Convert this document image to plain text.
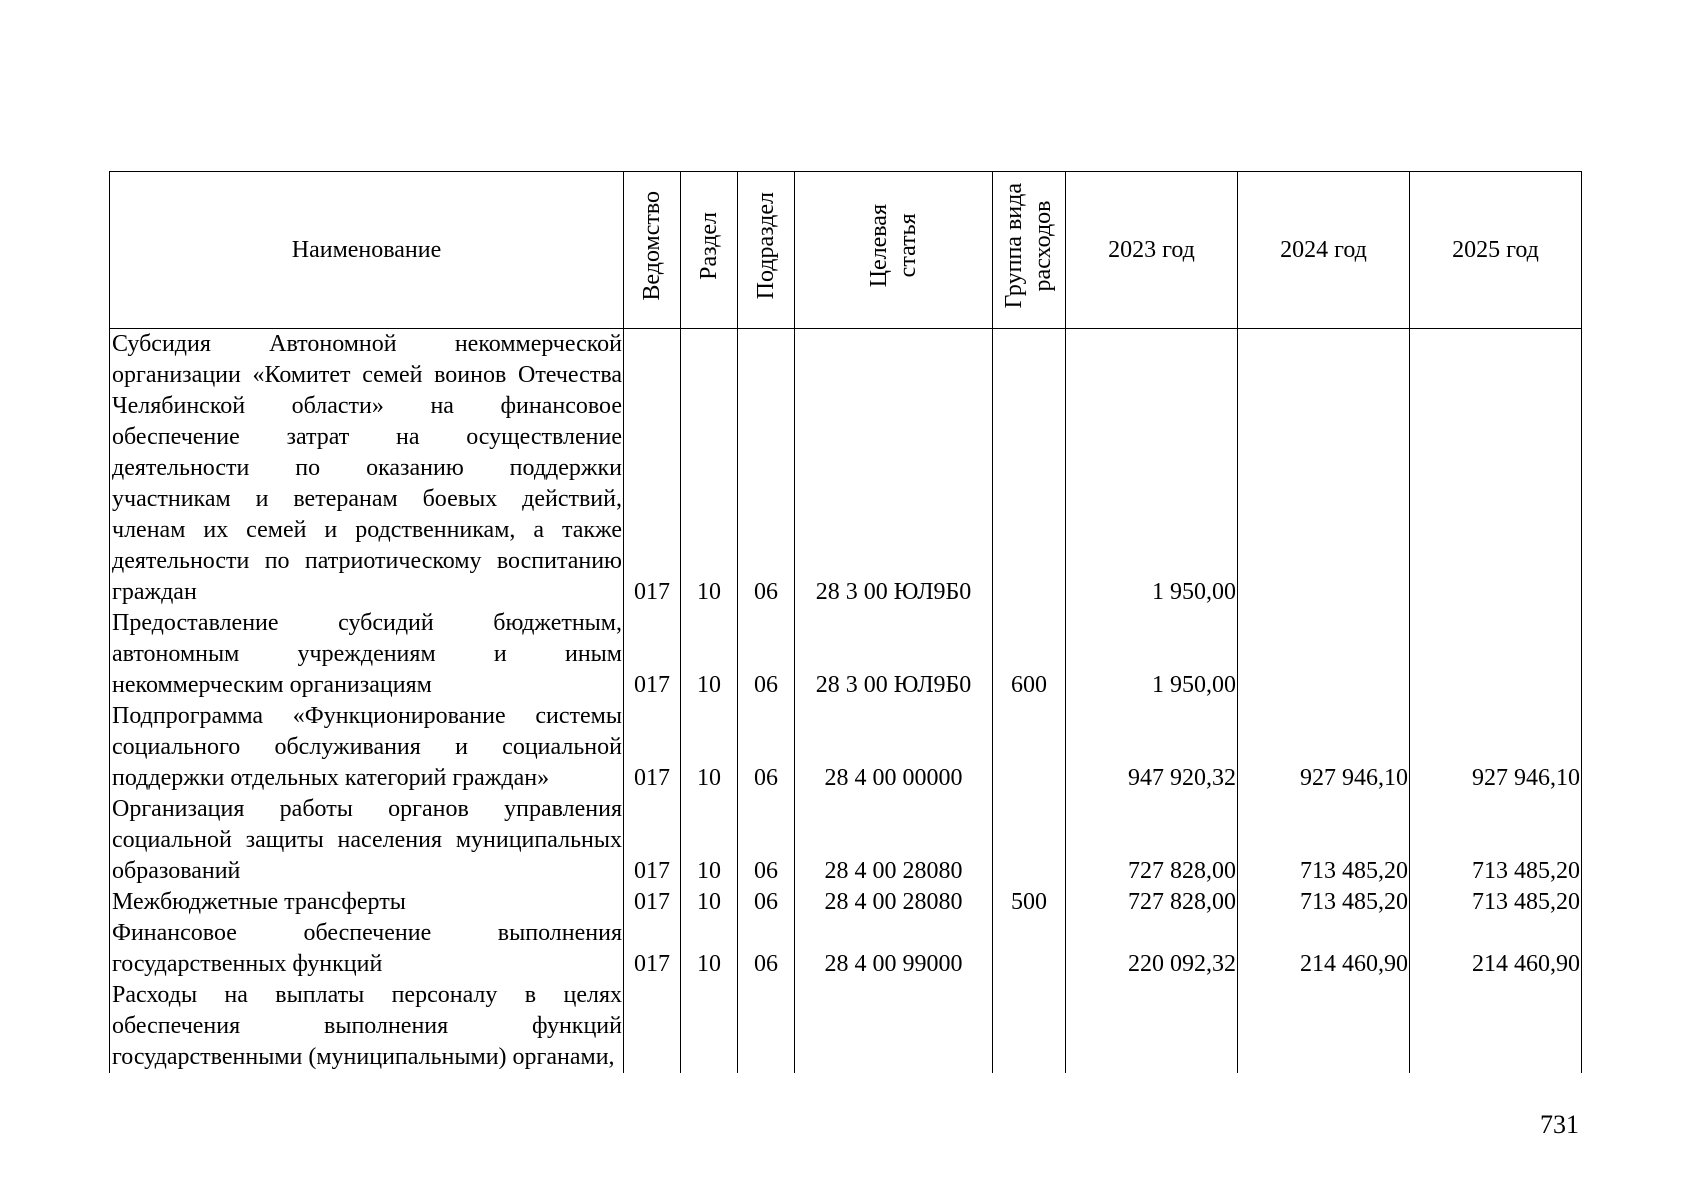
Наименование	Ведомство	Раздел	Подраздел	Целевая статья	Группа вида расходов	2023 год	2024 год	2025 год
Субсидия Автономной некоммерческой организации «Комитет семей воинов Отечества Челябинской области» на финансовое обеспечение затрат на осуществление деятельности по оказанию поддержки участникам и ветеранам боевых действий, членам их семей и родственникам, а также деятельности по патриотическому воспитанию граждан	017	10	06	28 3 00 ЮЛ9Б0		1 950,00		
Предоставление субсидий бюджетным, автономным учреждениям и иным некоммерческим организациям	017	10	06	28 3 00 ЮЛ9Б0	600	1 950,00		
Подпрограмма «Функционирование системы социального обслуживания и социальной поддержки отдельных категорий граждан»	017	10	06	28 4 00 00000		947 920,32	927 946,10	927 946,10
Организация работы органов управления социальной защиты населения муниципальных образований	017	10	06	28 4 00 28080		727 828,00	713 485,20	713 485,20
Межбюджетные трансферты	017	10	06	28 4 00 28080	500	727 828,00	713 485,20	713 485,20
Финансовое обеспечение выполнения государственных функций	017	10	06	28 4 00 99000		220 092,32	214 460,90	214 460,90
Расходы на выплаты персоналу в целях обеспечения выполнения функций государственными (муниципальными) органами,								
731
